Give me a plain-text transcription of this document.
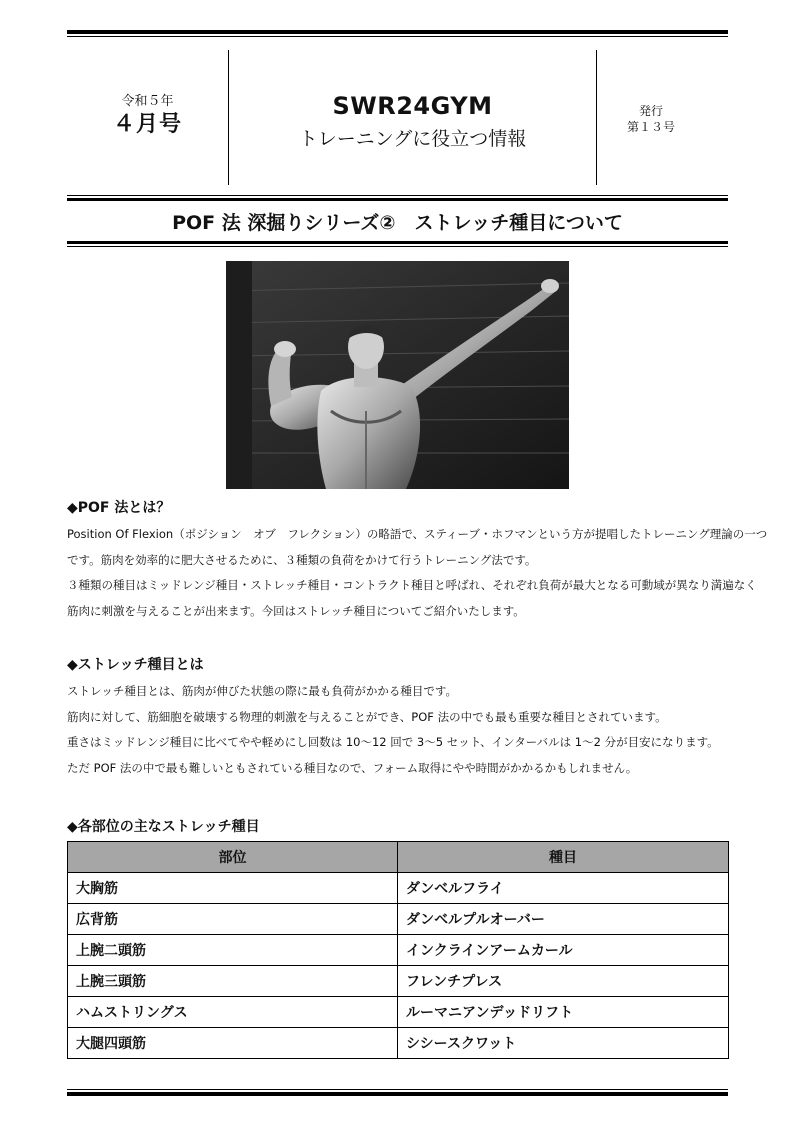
令和５年
４月号
SWR24GYM
トレーニングに役立つ情報
発行
第１３号
POF 法 深掘りシリーズ②　ストレッチ種目について
◆POF 法とは？
Position Of Flexion（ポジション　オブ　フレクション）の略語で、スティーブ・ホフマンという方が提唱したトレーニング理論の一つ
です。筋肉を効率的に肥大させるために、３種類の負荷をかけて行うトレーニング法です。
３種類の種目はミッドレンジ種目・ストレッチ種目・コントラクト種目と呼ばれ、それぞれ負荷が最大となる可動域が異なり満遍なく
筋肉に刺激を与えることが出来ます。今回はストレッチ種目についてご紹介いたします。
◆ストレッチ種目とは
ストレッチ種目とは、筋肉が伸びた状態の際に最も負荷がかかる種目です。
筋肉に対して、筋細胞を破壊する物理的刺激を与えることができ、POF 法の中でも最も重要な種目とされています。
重さはミッドレンジ種目に比べてやや軽めにし回数は 10～12 回で 3～5 セット、インターバルは 1～2 分が目安になります。
ただ POF 法の中で最も難しいともされている種目なので、フォーム取得にやや時間がかかるかもしれません。
◆各部位の主なストレッチ種目
部位	種目
大胸筋	ダンベルフライ
広背筋	ダンベルプルオーバー
上腕二頭筋	インクラインアームカール
上腕三頭筋	フレンチプレス
ハムストリングス	ルーマニアンデッドリフト
大腿四頭筋	シシースクワット
